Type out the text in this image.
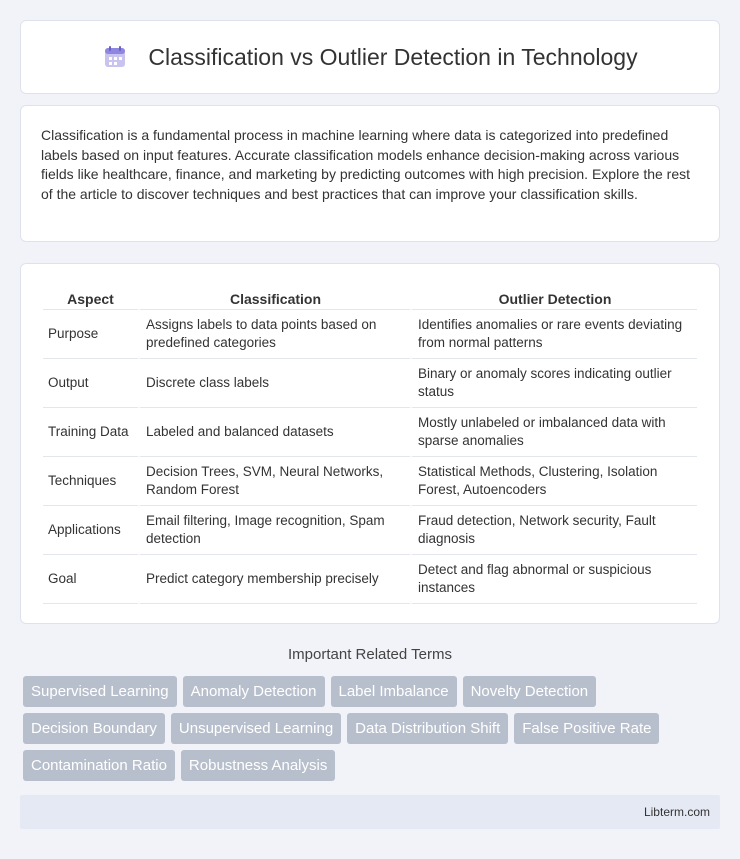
Classification vs Outlier Detection in Technology

Classification is a fundamental process in machine learning where data is categorized into predefined labels based on input features. Accurate classification models enhance decision-making across various fields like healthcare, finance, and marketing by predicting outcomes with high precision. Explore the rest of the article to discover techniques and best practices that can improve your classification skills.

Aspect	Classification	Outlier Detection
Purpose	Assigns labels to data points based on predefined categories	Identifies anomalies or rare events deviating from normal patterns
Output	Discrete class labels	Binary or anomaly scores indicating outlier status
Training Data	Labeled and balanced datasets	Mostly unlabeled or imbalanced data with sparse anomalies
Techniques	Decision Trees, SVM, Neural Networks, Random Forest	Statistical Methods, Clustering, Isolation Forest, Autoencoders
Applications	Email filtering, Image recognition, Spam detection	Fraud detection, Network security, Fault diagnosis
Goal	Predict category membership precisely	Detect and flag abnormal or suspicious instances
Important Related Terms
Supervised Learning	Anomaly Detection	Label Imbalance	Novelty Detection
Decision Boundary	Unsupervised Learning	Data Distribution Shift	False Positive Rate
Contamination Ratio	Robustness Analysis
Libterm.com
